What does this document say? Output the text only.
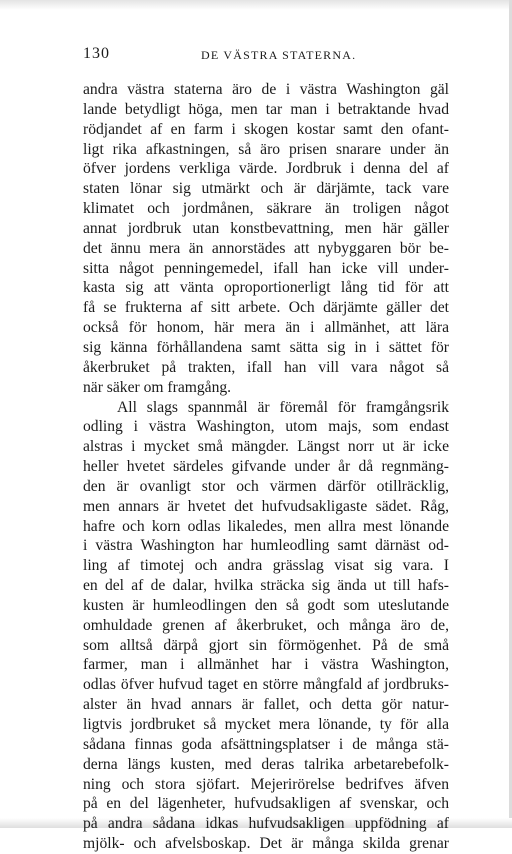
130	DE VÄSTRA STATERNA.
andra västra staterna äro de i västra Washington gäl
lande betydligt höga, men tar man i betraktande hvad
rödjandet af en farm i skogen kostar samt den ofant-
ligt rika afkastningen, så äro prisen snarare under än
öfver jordens verkliga värde. Jordbruk i denna del af
staten lönar sig utmärkt och är därjämte, tack vare
klimatet och jordmånen, säkrare än troligen något
annat jordbruk utan konstbevattning, men här gäller
det ännu mera än annorstädes att nybyggaren bör be-
sitta något penningemedel, ifall han icke vill under-
kasta sig att vänta oproportionerligt lång tid för att
få se frukterna af sitt arbete. Och därjämte gäller det
också för honom, här mera än i allmänhet, att lära
sig känna förhållandena samt sätta sig in i sättet för
åkerbruket på trakten, ifall han vill vara något så
när säker om framgång.
All slags spannmål är föremål för framgångsrik
odling i västra Washington, utom majs, som endast
alstras i mycket små mängder. Längst norr ut är icke
heller hvetet särdeles gifvande under år då regnmäng-
den är ovanligt stor och värmen därför otillräcklig,
men annars är hvetet det hufvudsakligaste sädet. Råg,
hafre och korn odlas likaledes, men allra mest lönande
i västra Washington har humleodling samt därnäst od-
ling af timotej och andra grässlag visat sig vara. I
en del af de dalar, hvilka sträcka sig ända ut till hafs-
kusten är humleodlingen den så godt som uteslutande
omhuldade grenen af åkerbruket, och många äro de,
som alltså därpå gjort sin förmögenhet. På de små
farmer, man i allmänhet har i västra Washington,
odlas öfver hufvud taget en större mångfald af jordbruks-
alster än hvad annars är fallet, och detta gör natur-
ligtvis jordbruket så mycket mera lönande, ty för alla
sådana finnas goda afsättningsplatser i de många stä-
derna längs kusten, med deras talrika arbetarebefolk-
ning och stora sjöfart. Mejerirörelse bedrifves äfven
på en del lägenheter, hufvudsakligen af svenskar, och
på andra sådana idkas hufvudsakligen uppfödning af
mjölk- och afvelsboskap. Det är många skilda grenar
